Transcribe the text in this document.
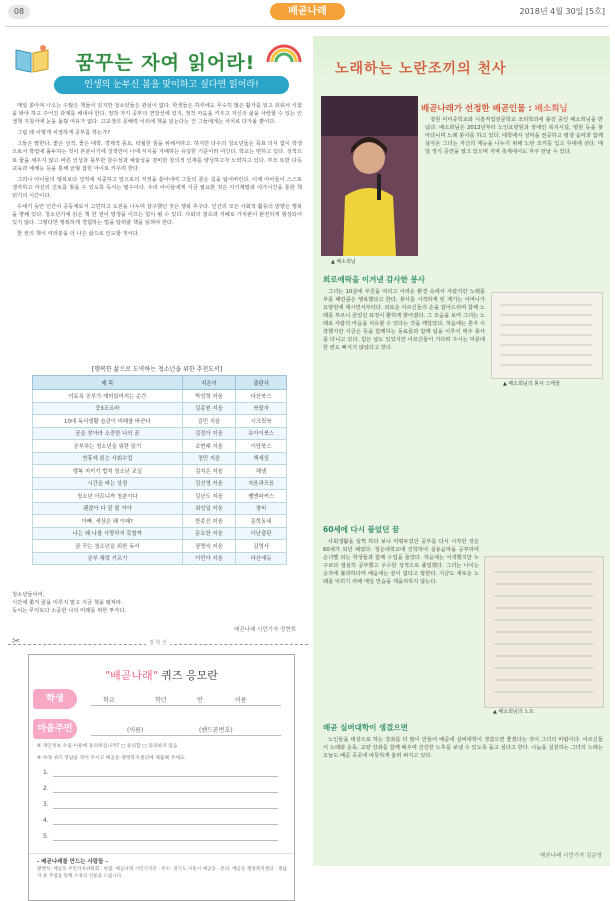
08	배곧나래	2018년 4월 30일 [5호]
꿈꾸는 자여 읽어라!
인생의 눈부신 봄을 맞이하고 싶다면 읽어라!

매일 쏟아져 나오는 수많은 책들이 있지만 청소년들은 관심이 없다. 학생들은 하루에도 무수히 많은 활자를 읽고 외워서 시험을 봐야 하고 주어진 과제를 해내야 한다. 정작 자기 공부의 연장선에 있지, 정작 마음을 키우고 자신의 삶을 사랑할 수 있는 인생책 지침서에 눈을 돌릴 여유가 없다. 고교생의 문해력 이외에 책을 읽는다는 건 그들에게는 사치로 다가올 뿐이다.

그럼 왜 이렇게 치열하게 공부를 하는가?

그들은 말한다. 좋은 성적, 좋은 대학, 경제적 풍요, 탁월한 꿈을 위해서라고. 하지만 다수의 청소년들은 목표 의식 없이 학생으로서 학업에 몰두하는 것이 본분이기에 성적만이 나에 서식을 지배하는 유일한 기준이라 여긴다. 학교는 변하고 있다. 성적으로 줄을 세우지 않고 바른 인성과 풍부한 감수성과 예술성을 겸비한 창의적 인재를 양성하고자 노력하고 있다. 부모 또한 다독 교육과 예체능 등을 통해 균형 잡힌 아이로 키우려 한다.

그러나 아이들의 행복보다 성적에 치중하고 앞으로의 걱정을 쏟아내며 그들의 꿈은 길을 잃어버린다. 이제 아이들이 스스로 생각하고 자신의 진로를 찾을 수 있도록 독서는 필수이다. 우리 아이들에게 지금 필요한 것은 자기계발과 여가시간을 통한 책 읽기의 시간이다.

수세기 동안 인간이 공동체로서 고민하고 도전을 나누며 갈구했던 것은 행복 추구다. 인간의 모든 사회적 활동의 방향은 행복을 향해 있다. 청소년기에 읽은 책 한 권이 평생을 이끄는 힘이 될 수 있다. 사회의 결속과 지혜로 가치관이 완전하게 형성되어 있지 않다. 그렇다면 행복하게 경험하는 법을 알려줄 책을 읽혀야 한다.

한 권의 책이 여러분을 더 나은 삶으로 인도할 것이다.

[행복한 삶으로 도약하는 청소년을 위한 추천도서]
제 목	지은이	출판사
이토록 공부가 재미있어지는 순간	박성혁 지음	다산북스
중3조르바	김종원 지음	북팔자
10대 독서생활 습관이 미래를 바꾼다	김민 지음	시크릿북
꿈을 찾아라 소중한 나의 꿈	김정아 지음	유아이북스
공부하는 청소년을 위한 읽기	조현래 지음	이담북스
연휴에 읽는 사회수업	정민 지음	책세상
행복 지키기 법칙 청소년 교실	김지은 지음	해냄
시간을 파는 상점	김선영 지음	자음과모음
청소년 아프니까 청춘이다	김난도 지음	쌤앤파커스
괜찮아 다 잘 될 거야	최성일 지음	창비
아빠, 세상은 왜 이래?	한종선 지음	문학동네
나는 왜 나를 사랑하지 못할까	문요한 지음	더난출판
꿈 꾸는 청소년을 위한 독서	장명숙 지음	김영사
공부 체력 기르기	이민아 지음	다산에듀

청소년들이여,

시간에 쫓겨 꿈을 미루지 말고 지금 책을 펼쳐라.

독서는 무엇보다 소중한 나의 미래를 위한 투자다.

배곧나래 시민기자 정현희
✂	절 취 선
"배곧나래" 퀴즈 응모란
학생	학교	학년	반	이름
마을주민	(이름)	(핸드폰번호)
※ 개인정보 수집·이용에 동의하십니까? □ 동의함 □ 동의하지 않음
※ 아래 퀴즈 정답을 적어 주시고 배곧동 행정복지센터에 제출해 주세요.
1.
2.
3.
4.
5.
- 배곧나래를 만드는 사람들 -
발행처: 배곧동 주민자치위원회 · 편집: 배곧나래 시민기자단 · 주소: 경기도 시흥시 배곧동 · 문의: 배곧동 행정복지센터 · 정답자 중 추첨을 통해 소정의 선물을 드립니다.
노래하는 노란조끼의 천사
배곧나래가 선정한 배곧인물 : 배소희님
▲ 배소희님

정원 미미중학교와 시흥직업전문학교 조리학과에 출강 중인 배소희님을 만났다. 배소희님은 2012년부터 노인요양원과 장애인 복지시설, 병원 등을 찾아다니며 노래 봉사를 하고 있다. 대학에서 성악을 전공하고 평생 음악과 함께 살아온 그녀는 자신의 재능을 나누기 위해 노란 조끼를 입고 무대에 선다. 매달 정기 공연을 열고 있으며 지역 축제에서도 자주 만날 수 있다.

희로애락을 이겨낸 감사한 봉사

그녀는 10살에 부친을 여의고 어려운 환경 속에서 자랐지만 노래를 부를 때만큼은 행복했다고 한다. 봉사를 시작하게 된 계기는 어머니가 요양원에 계시면서부터다. 외로운 어르신들의 손을 잡아드리며 함께 노래를 부르니 굳었던 표정이 환하게 밝아졌다. 그 모습을 보며 그녀는 노래로 사람의 마음을 치유할 수 있다는 것을 깨달았다. 처음에는 혼자 시작했지만 지금은 뜻을 함께하는 동료들과 함께 팀을 이루어 매주 봉사를 다니고 있다. 힘든 날도 있었지만 어르신들이 기다려 주시는 덕분에 한 번도 빠지지 않았다고 한다.

▲ 배소희님의 봉사 스케줄
60세에 다시 품었던 꿈

사회생활을 일찍 하다 보니 미뤄두었던 공부를 다시 시작한 것은 60세가 되던 해였다. 청운대학교에 진학하여 실용음악을 공부하며 손녀뻘 되는 학생들과 함께 수업을 들었다. 처음에는 어색했지만 누구보다 열심히 공부했고 우수한 성적으로 졸업했다. 그녀는 나이는 숫자에 불과하다며 배움에는 끝이 없다고 말한다. 지금도 새로운 노래를 익히기 위해 매일 연습을 게을리하지 않는다.

▲ 배소희님의 노트
배곧 실버대학이 생겼으면

노인들을 대상으로 하는 강좌를 더 많이 만들어 배곧에 실버대학이 생겼으면 좋겠다는 것이 그녀의 바람이다. 어르신들이 노래와 운동, 교양 강좌를 함께 배우며 건강한 노후를 보낼 수 있도록 돕고 싶다고 한다. 나눔을 실천하는 그녀의 노래는 오늘도 배곧 곳곳에 따뜻하게 울려 퍼지고 있다.

배곧나래 시민기자 김순영
